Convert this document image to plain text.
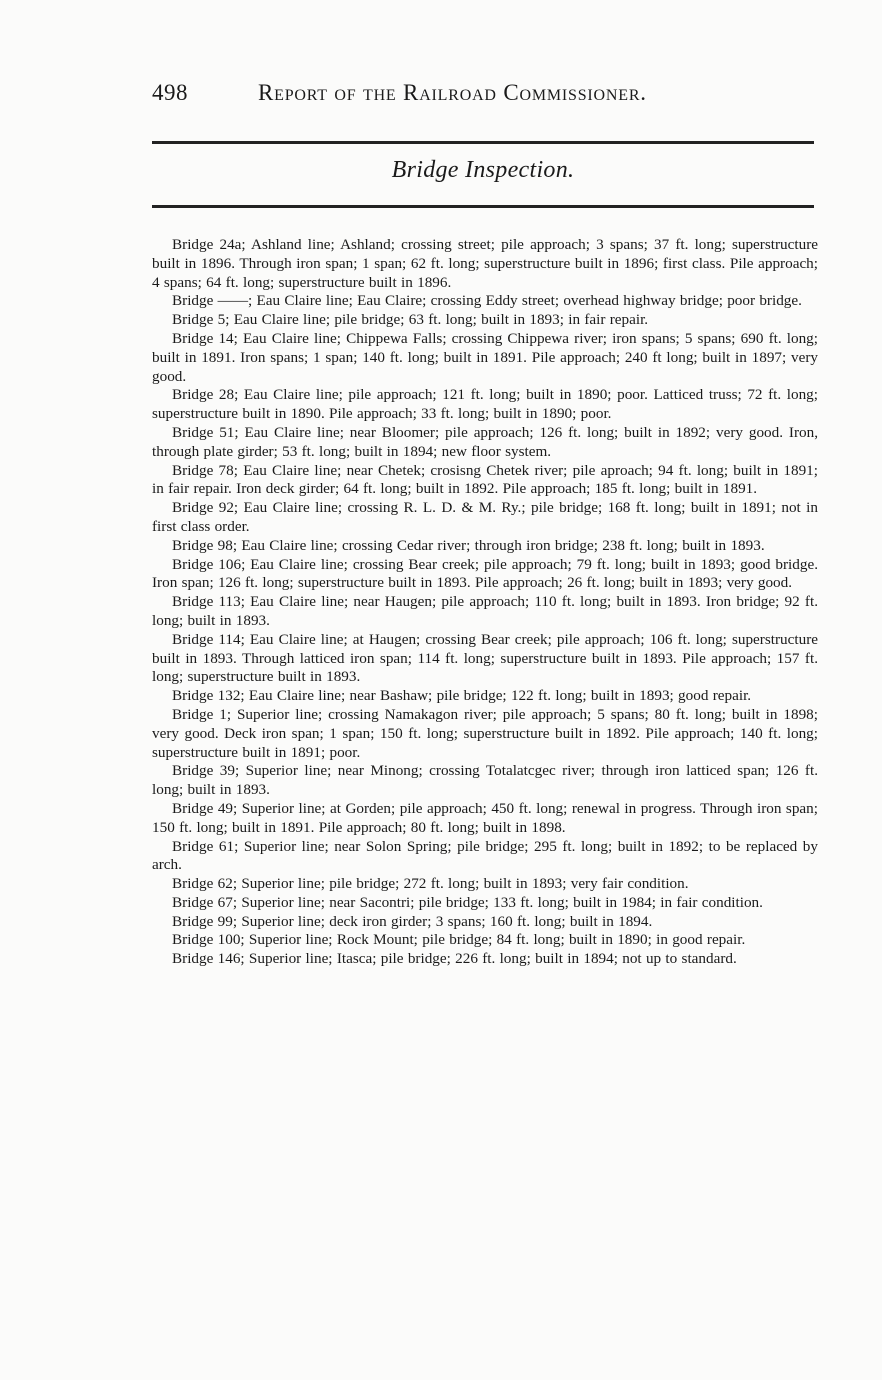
498	Report of the Railroad Commissioner.
Bridge Inspection.

Bridge 24a; Ashland line; Ashland; crossing street; pile approach; 3 spans; 37 ft. long; superstructure built in 1896. Through iron span; 1 span; 62 ft. long; superstructure built in 1896; first class. Pile approach; 4 spans; 64 ft. long; superstructure built in 1896.

Bridge ——; Eau Claire line; Eau Claire; crossing Eddy street; overhead highway bridge; poor bridge.

Bridge 5; Eau Claire line; pile bridge; 63 ft. long; built in 1893; in fair repair.

Bridge 14; Eau Claire line; Chippewa Falls; crossing Chippewa river; iron spans; 5 spans; 690 ft. long; built in 1891. Iron spans; 1 span; 140 ft. long; built in 1891. Pile approach; 240 ft long; built in 1897; very good.

Bridge 28; Eau Claire line; pile approach; 121 ft. long; built in 1890; poor. Latticed truss; 72 ft. long; superstructure built in 1890. Pile approach; 33 ft. long; built in 1890; poor.

Bridge 51; Eau Claire line; near Bloomer; pile approach; 126 ft. long; built in 1892; very good. Iron, through plate girder; 53 ft. long; built in 1894; new floor system.

Bridge 78; Eau Claire line; near Chetek; crosisng Chetek river; pile aproach; 94 ft. long; built in 1891; in fair repair. Iron deck girder; 64 ft. long; built in 1892. Pile approach; 185 ft. long; built in 1891.

Bridge 92; Eau Claire line; crossing R. L. D. & M. Ry.; pile bridge; 168 ft. long; built in 1891; not in first class order.

Bridge 98; Eau Claire line; crossing Cedar river; through iron bridge; 238 ft. long; built in 1893.

Bridge 106; Eau Claire line; crossing Bear creek; pile approach; 79 ft. long; built in 1893; good bridge. Iron span; 126 ft. long; superstructure built in 1893. Pile approach; 26 ft. long; built in 1893; very good.

Bridge 113; Eau Claire line; near Haugen; pile approach; 110 ft. long; built in 1893. Iron bridge; 92 ft. long; built in 1893.

Bridge 114; Eau Claire line; at Haugen; crossing Bear creek; pile approach; 106 ft. long; superstructure built in 1893. Through latticed iron span; 114 ft. long; superstructure built in 1893. Pile approach; 157 ft. long; superstructure built in 1893.

Bridge 132; Eau Claire line; near Bashaw; pile bridge; 122 ft. long; built in 1893; good repair.

Bridge 1; Superior line; crossing Namakagon river; pile approach; 5 spans; 80 ft. long; built in 1898; very good. Deck iron span; 1 span; 150 ft. long; superstructure built in 1892. Pile approach; 140 ft. long; superstructure built in 1891; poor.

Bridge 39; Superior line; near Minong; crossing Totalatcgec river; through iron latticed span; 126 ft. long; built in 1893.

Bridge 49; Superior line; at Gorden; pile approach; 450 ft. long; renewal in progress. Through iron span; 150 ft. long; built in 1891. Pile approach; 80 ft. long; built in 1898.

Bridge 61; Superior line; near Solon Spring; pile bridge; 295 ft. long; built in 1892; to be replaced by arch.

Bridge 62; Superior line; pile bridge; 272 ft. long; built in 1893; very fair condition.

Bridge 67; Superior line; near Sacontri; pile bridge; 133 ft. long; built in 1984; in fair condition.

Bridge 99; Superior line; deck iron girder; 3 spans; 160 ft. long; built in 1894.

Bridge 100; Superior line; Rock Mount; pile bridge; 84 ft. long; built in 1890; in good repair.

Bridge 146; Superior line; Itasca; pile bridge; 226 ft. long; built in 1894; not up to standard.
